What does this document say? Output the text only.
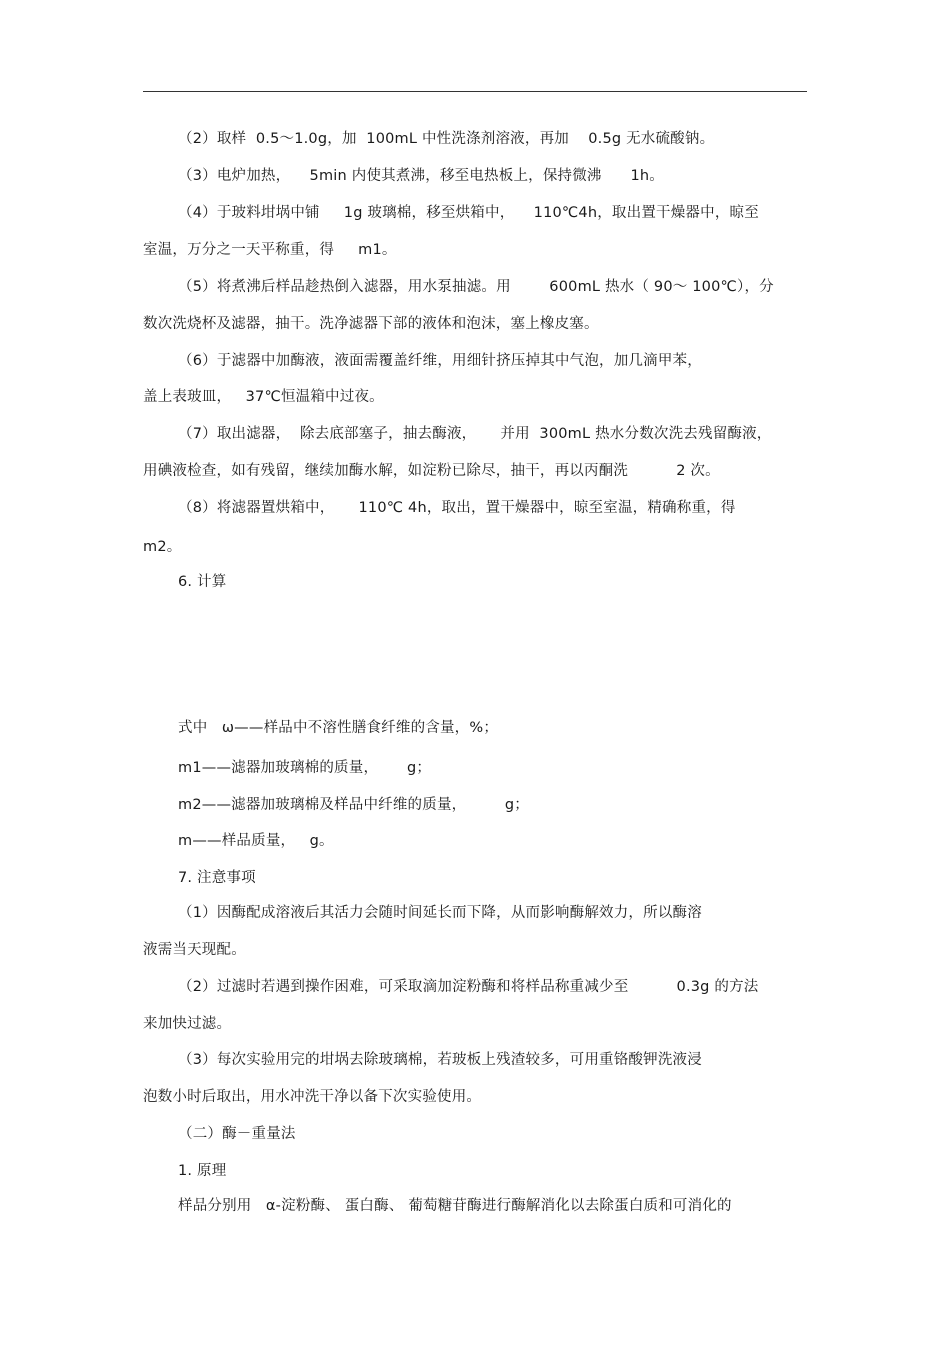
（2）取样  0.5～1.0g，加  100mL 中性洗涤剂溶液，再加    0.5g 无水硫酸钠。

（3）电炉加热，    5min 内使其煮沸，移至电热板上，保持微沸      1h。

（4）于玻料坩埚中铺     1g 玻璃棉，移至烘箱中，    110℃4h，取出置干燥器中，晾至

室温，万分之一天平称重，得     m1。

（5）将煮沸后样品趁热倒入滤器，用水泵抽滤。用        600mL 热水（ 90～ 100℃），分

数次洗烧杯及滤器，抽干。洗净滤器下部的液体和泡沫，塞上橡皮塞。

（6）于滤器中加酶液，液面需覆盖纤维，用细针挤压掉其中气泡，加几滴甲苯，

盖上表玻皿，   37℃恒温箱中过夜。

（7）取出滤器，  除去底部塞子，抽去酶液，     并用  300mL 热水分数次洗去残留酶液，

用碘液检查，如有残留，继续加酶水解，如淀粉已除尽，抽干，再以丙酮洗          2 次。

（8）将滤器置烘箱中，     110℃ 4h，取出，置干燥器中，晾至室温，精确称重，得

m2。

6. 计算

式中   ω——样品中不溶性膳食纤维的含量，%；

m1——滤器加玻璃棉的质量，      g；

m2——滤器加玻璃棉及样品中纤维的质量，        g；

m——样品质量，   g。

7. 注意事项

（1）因酶配成溶液后其活力会随时间延长而下降，从而影响酶解效力，所以酶溶

液需当天现配。

（2）过滤时若遇到操作困难，可采取滴加淀粉酶和将样品称重减少至          0.3g 的方法

来加快过滤。

（3）每次实验用完的坩埚去除玻璃棉，若玻板上残渣较多，可用重铬酸钾洗液浸

泡数小时后取出，用水冲洗干净以备下次实验使用。

（二）酶－重量法

1. 原理

样品分别用   α-淀粉酶、 蛋白酶、 葡萄糖苷酶进行酶解消化以去除蛋白质和可消化的
